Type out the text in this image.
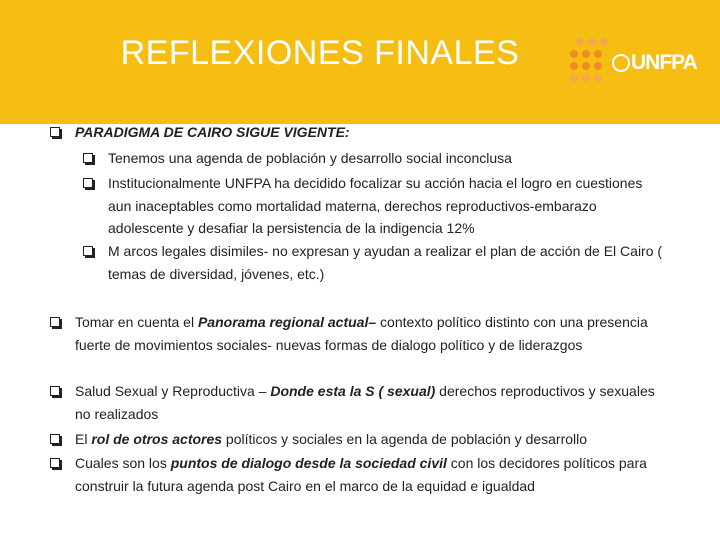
REFLEXIONES FINALES	UNFPA
PARADIGMA DE CAIRO SIGUE VIGENTE:
Tenemos una agenda de población y desarrollo social inconclusa
Institucionalmente UNFPA ha decidido focalizar su acción hacia el logro en cuestiones aun inaceptables como mortalidad materna, derechos reproductivos-embarazo adolescente y desafiar la persistencia de la indigencia 12%
M arcos legales disimiles- no expresan y ayudan a realizar el plan de acción de El Cairo ( temas de diversidad, jóvenes, etc.)
Tomar en cuenta el Panorama regional actual– contexto político distinto con una presencia fuerte de movimientos sociales- nuevas formas de dialogo político y de liderazgos
Salud Sexual y Reproductiva – Donde esta la S ( sexual) derechos reproductivos y sexuales no realizados
El rol de otros actores políticos y sociales en la agenda de población y desarrollo
Cuales son los puntos de dialogo desde la sociedad civil con los decidores políticos para construir la futura agenda post Cairo en el marco de la equidad e igualdad
